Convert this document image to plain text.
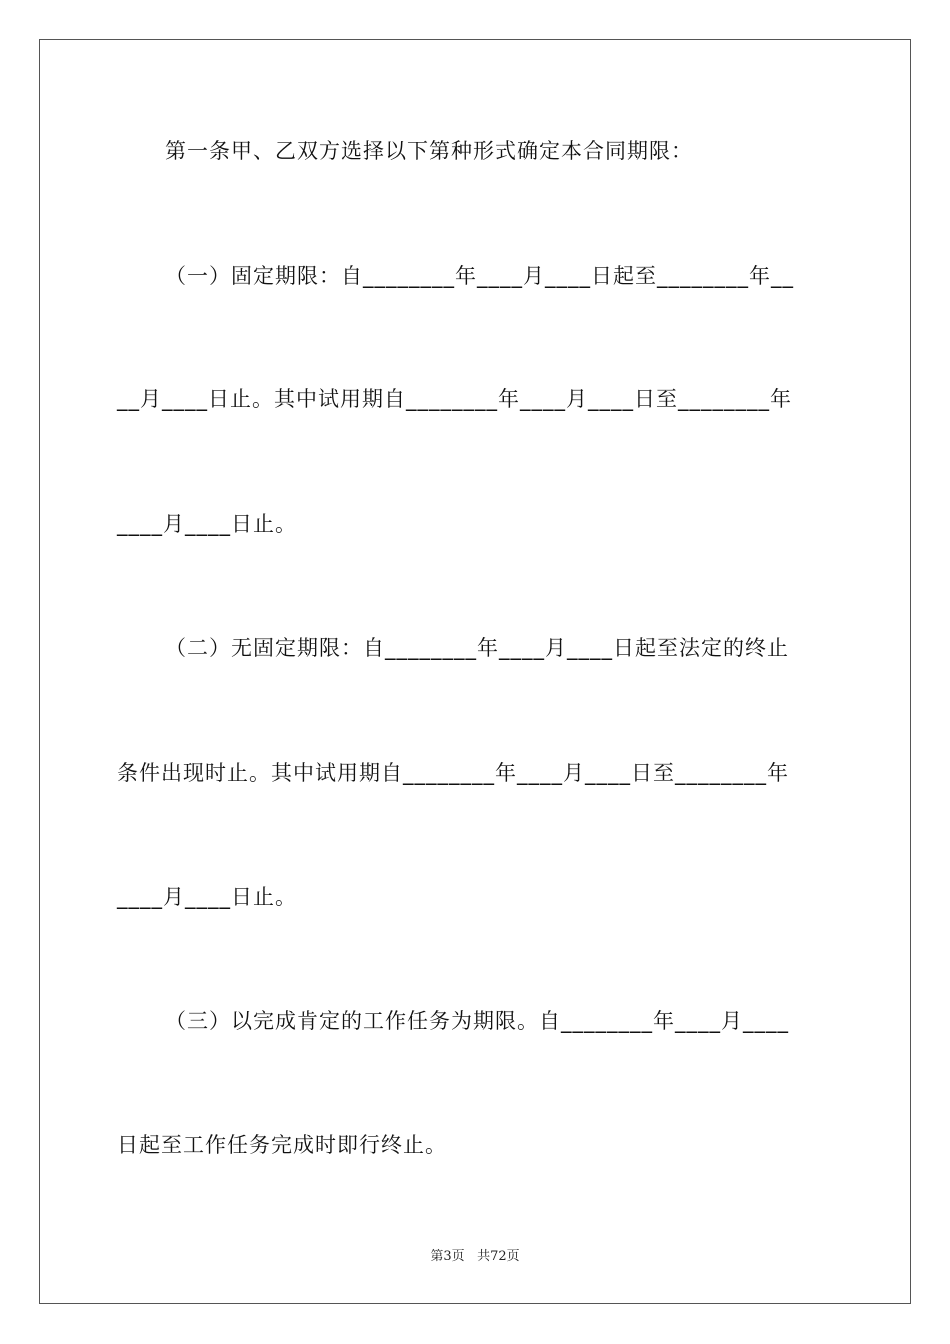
第一条甲、乙双方选择以下第种形式确定本合同期限：
（一）固定期限：自________年____月____日起至________年__
__月____日止。其中试用期自________年____月____日至________年
____月____日止。
（二）无固定期限：自________年____月____日起至法定的终止
条件出现时止。其中试用期自________年____月____日至________年
____月____日止。
（三）以完成肯定的工作任务为期限。自________年____月____
日起至工作任务完成时即行终止。
第3页 共72页
